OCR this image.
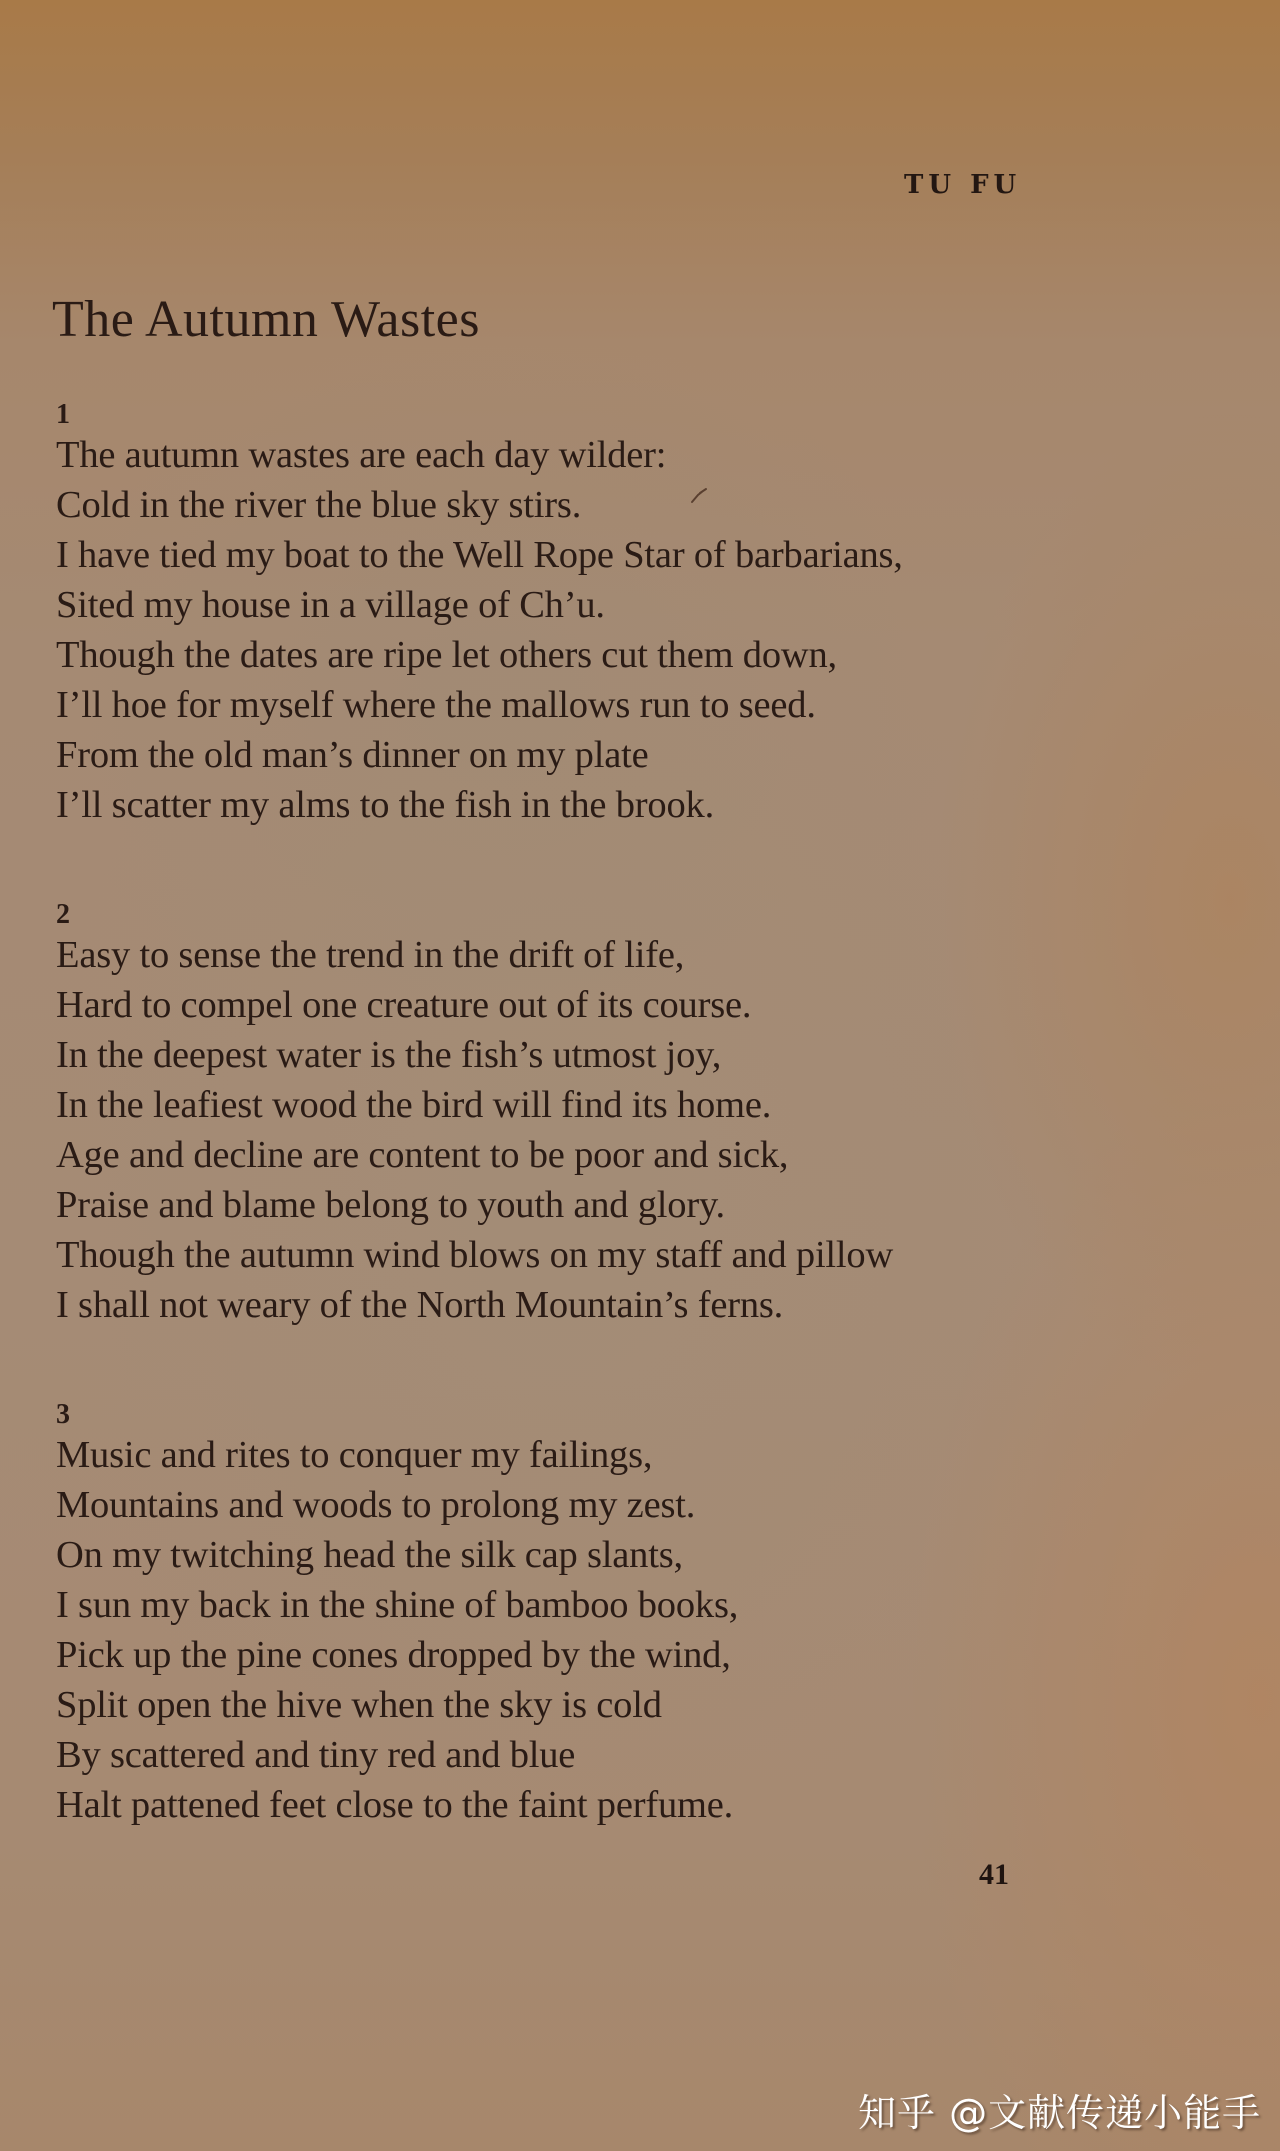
TU FU
The Autumn Wastes
1
The autumn wastes are each day wilder:
Cold in the river the blue sky stirs.
I have tied my boat to the Well Rope Star of barbarians,
Sited my house in a village of Ch’u.
Though the dates are ripe let others cut them down,
I’ll hoe for myself where the mallows run to seed.
From the old man’s dinner on my plate
I’ll scatter my alms to the fish in the brook.
2
Easy to sense the trend in the drift of life,
Hard to compel one creature out of its course.
In the deepest water is the fish’s utmost joy,
In the leafiest wood the bird will find its home.
Age and decline are content to be poor and sick,
Praise and blame belong to youth and glory.
Though the autumn wind blows on my staff and pillow
I shall not weary of the North Mountain’s ferns.
3
Music and rites to conquer my failings,
Mountains and woods to prolong my zest.
On my twitching head the silk cap slants,
I sun my back in the shine of bamboo books,
Pick up the pine cones dropped by the wind,
Split open the hive when the sky is cold
By scattered and tiny red and blue
Halt pattened feet close to the faint perfume.
41
知乎 @文献传递小能手
